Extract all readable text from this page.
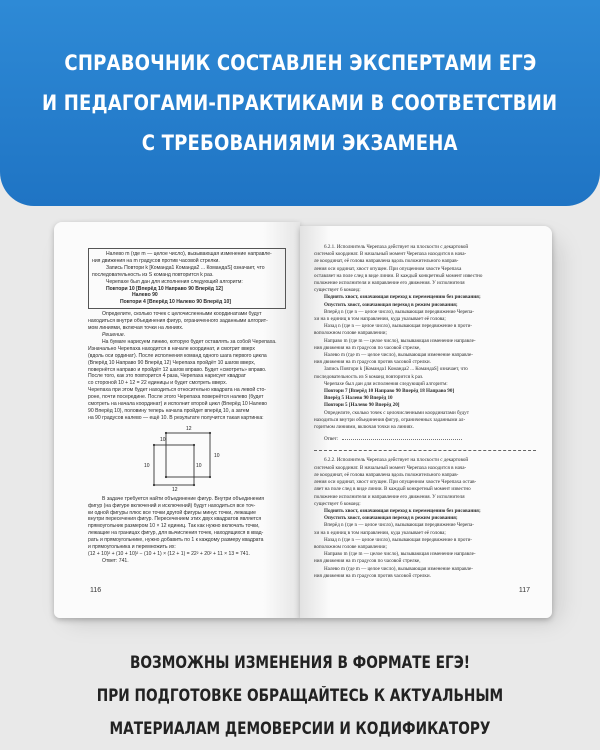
СПРАВОЧНИК СОСТАВЛЕН ЭКСПЕРТАМИ ЕГЭ
И ПЕДАГОГАМИ-ПРАКТИКАМИ В СООТВЕТСТВИИ
С ТРЕБОВАНИЯМИ ЭКЗАМЕНА
Налево m (где m — целое число), вызывающая изменение направле-
ния движения на m градусов против часовой стрелки.
Запись Повтори k [Команда1 Команда2 ... КомандаS] означает, что
последовательность из S команд повторится k раз.
Черепахе был дан для исполнения следующий алгоритм:
Повтори 10 [Вперёд 10 Направо 90 Вперёд 12]
Налево 90
Повтори 4 [Вперёд 10 Налево 90 Вперёд 10]
Определите, сколько точек с целочисленными координатами будут
находиться внутри объединения фигур, ограниченного заданными алгорит-
мом линиями, включая точки на линиях.
Решение.
На бумаге нарисуем линию, которую будет оставлять за собой Черепаха.
Изначально Черепаха находится в начале координат, и смотрит вверх
(вдоль оси ординат). После исполнения команд одного шага первого цикла
(Вперёд 10 Направо 90 Вперёд 12) Черепаха пройдёт 10 шагов вверх,
повернётся направо и пройдёт 12 шагов вправо. Будет «смотреть» вправо.
После того, как это повторится 4 раза, Черепаха нарисует квадрат
со стороной 10 + 12 = 22 единицы и будет смотреть вверх.
Черепаха при этом будет находиться относительно квадрата на левой сто-
роне, почти посередине. После этого Черепаха повернётся налево (будет
смотреть на начала координат) и исполнит второй цикл (Вперёд 10 Налево
90 Вперёд 10), половину теперь начала пройдет вперёд 10, а затем
на 90 градусов налево — ещё 10. В результате получится такая картинка:
12
10
10
10	10
12
В задаче требуется найти объединение фигур. Внутри объединения
фигур (на фигуре включений и исключений) будут находиться все точ-
ки одной фигуры плюс все точки другой фигуры минус точки, лежащие
внутри пересечения фигур. Пересечением этих двух квадратов является
прямоугольник размером 10 × 12 единиц. Так как нужно включать точки,
лежащие на границах фигур, для вычисления точек, находящихся в квад-
рать и прямоугольнике, нужно добавить по 1 к каждому размеру квадрата
и прямоугольника и перемножить их:
(12 + 10)² + (10 + 10)² − (10 + 1) × (12 + 1) = 22² + 20² + 11 × 13 = 741.
Ответ: 741.
116
6.2.1. Исполнитель Черепаха действует на плоскости с декартовой
системой координат. В начальный момент Черепаха находится в нача-
ле координат, её голова направлена вдоль положительного направ-
ления оси ординат, хвост опущен. При опущенном хвосте Черепаха
оставляет на поле след в виде линии. В каждый конкретный момент известно
положение исполнителя и направление его движения. У исполнителя
существует 6 команд:
Поднять хвост, означающая переход к перемещению без рисования;
Опустить хвост, означающая переход в режим рисования;
Вперёд n (где n — целое число), вызывающая передвижение Черепа-
хи на n единиц в том направлении, куда указывает её голова;
Назад n (где n — целое число), вызывающая передвижение в проти-
воположном голове направлении;
Направо m (где m — целое число), вызывающая изменение направле-
ния движения на m градусов по часовой стрелке,
Налево m (где m — целое число), вызывающая изменение направле-
ния движения на m градусов против часовой стрелки.
Запись Повтори k [Команда1 Команда2 ... КомандаS] означает, что
последовательность из S команд повторится k раз.
Черепахе был дан для исполнения следующий алгоритм:
Повтори 7 [Вперёд 10 Направо 90 Вперёд 18 Направо 90]
Вперёд 5 Налево 90 Вперёд 10
Повтори 5 [Налево 90 Вперёд 20]
Определите, сколько точек с целочисленными координатами будут
находиться внутри объединения фигур, ограниченных заданными ал-
горитмом линиями, включая точки на линиях.
Ответ:
6.2.2. Исполнитель Черепаха действует на плоскости с декартовой
системой координат. В начальный момент Черепаха находится в нача-
ле координат, её голова направлена вдоль положительного направ-
ления оси ординат, хвост опущен. При опущенном хвосте Черепаха остав-
ляет на поле след в виде линии. В каждый конкретный момент известно
положение исполнителя и направление его движения. У исполнителя
существует 6 команд:
Поднять хвост, означающая переход к перемещению без рисования;
Опустить хвост, означающая переход в режим рисования;
Вперёд n (где n — целое число), вызывающая передвижение Черепа-
хи на n единиц в том направлении, куда указывает её голова;
Назад n (где n — целое число), вызывающая передвижение в проти-
воположном голове направлении;
Направо m (где m — целое число), вызывающая изменение направле-
ния движения на m градусов по часовой стрелке,
Налево m (где m — целое число), вызывающая изменение направле-
ния движения на m градусов против часовой стрелки.
117
ВОЗМОЖНЫ ИЗМЕНЕНИЯ В ФОРМАТЕ ЕГЭ!
ПРИ ПОДГОТОВКЕ ОБРАЩАЙТЕСЬ К АКТУАЛЬНЫМ
МАТЕРИАЛАМ ДЕМОВЕРСИИ И КОДИФИКАТОРУ
